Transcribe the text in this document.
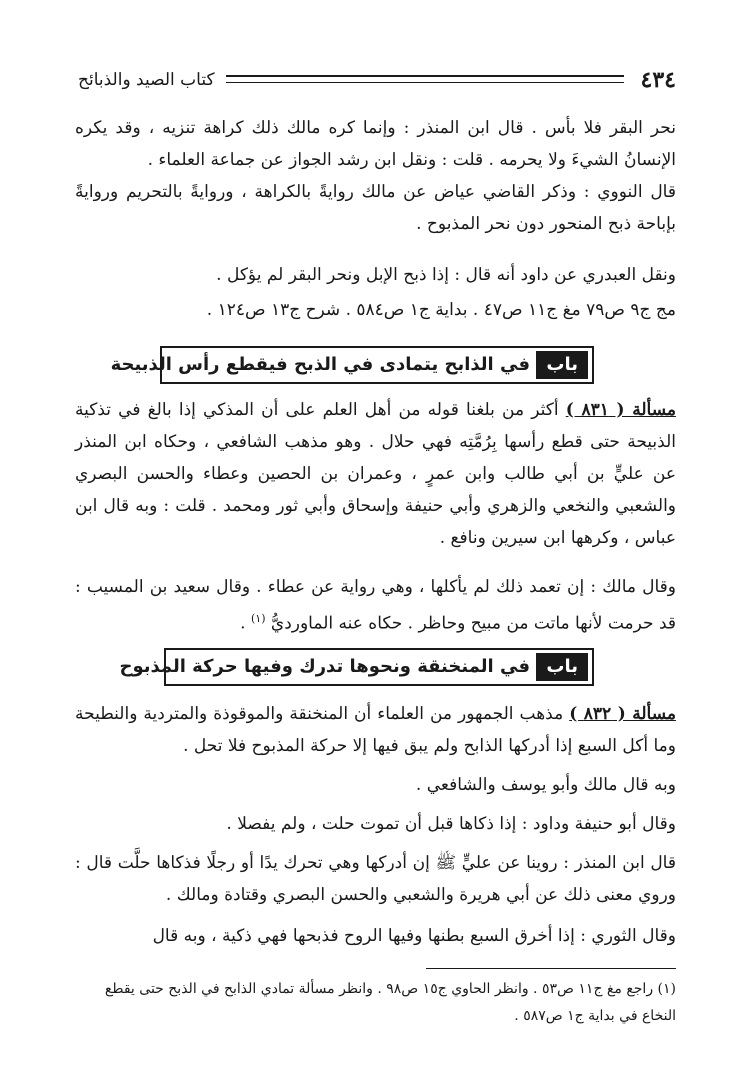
٤٣٤
كتاب الصيد والذبائح

نحر البقر فلا بأس . قال ابن المنذر : وإنما كره مالك ذلك كراهة تنزيه ، وقد يكره الإنسانُ الشيءَ ولا يحرمه . قلت : ونقل ابن رشد الجواز عن جماعة العلماء .

قال النووي : وذكر القاضي عياض عن مالك روايةً بالكراهة ، وروايةً بالتحريم وروايةً بإباحة ذبح المنحور دون نحر المذبوح .

ونقل العبدري عن داود أنه قال : إذا ذبح الإبل ونحر البقر لم يؤكل .

مج ج٩ ص٧٩ مغ ج١١ ص٤٧ . بداية ج١ ص٥٨٤ . شرح ج١٣ ص١٢٤ .

باب
في الذابح يتمادى في الذبح فيقطع رأس الذبيحة

مسألة ( ٨٣١ ) أكثر من بلغنا قوله من أهل العلم على أن المذكي إذا بالغ في تذكية الذبيحة حتى قطع رأسها بِرُمَّتِه فهي حلال . وهو مذهب الشافعي ، وحكاه ابن المنذر عن عليٍّ بن أبي طالب وابن عمرٍ ، وعمران بن الحصين وعطاء والحسن البصري والشعبي والنخعي والزهري وأبي حنيفة وإسحاق وأبي ثور ومحمد . قلت : وبه قال ابن عباس ، وكرهها ابن سيرين ونافع .

وقال مالك : إن تعمد ذلك لم يأكلها ، وهي رواية عن عطاء . وقال سعيد بن المسيب : قد حرمت لأنها ماتت من مبيح وحاظر . حكاه عنه الماورديُّ $^{(١)}$ .

باب
في المنخنقة ونحوها تدرك وفيها حركة المذبوح

مسألة ( ٨٣٢ ) مذهب الجمهور من العلماء أن المنخنقة والموقوذة والمتردية والنطيحة وما أكل السبع إذا أدركها الذابح ولم يبق فيها إلا حركة المذبوح فلا تحل .

وبه قال مالك وأبو يوسف والشافعي .

وقال أبو حنيفة وداود : إذا ذكاها قبل أن تموت حلت ، ولم يفصلا .

قال ابن المنذر : روينا عن عليٍّ ﷺ إن أدركها وهي تحرك يدًا أو رجلًا فذكاها حلَّت قال : وروي معنى ذلك عن أبي هريرة والشعبي والحسن البصري وقتادة ومالك .

وقال الثوري : إذا أخرق السبع بطنها وفيها الروح فذبحها فهي ذكية ، وبه قال

(١) راجع مغ ج١١ ص٥٣ . وانظر الحاوي ج١٥ ص٩٨ . وانظر مسألة تمادي الذابح في الذبح حتى يقطع النخاع في بداية ج١ ص٥٨٧ .
